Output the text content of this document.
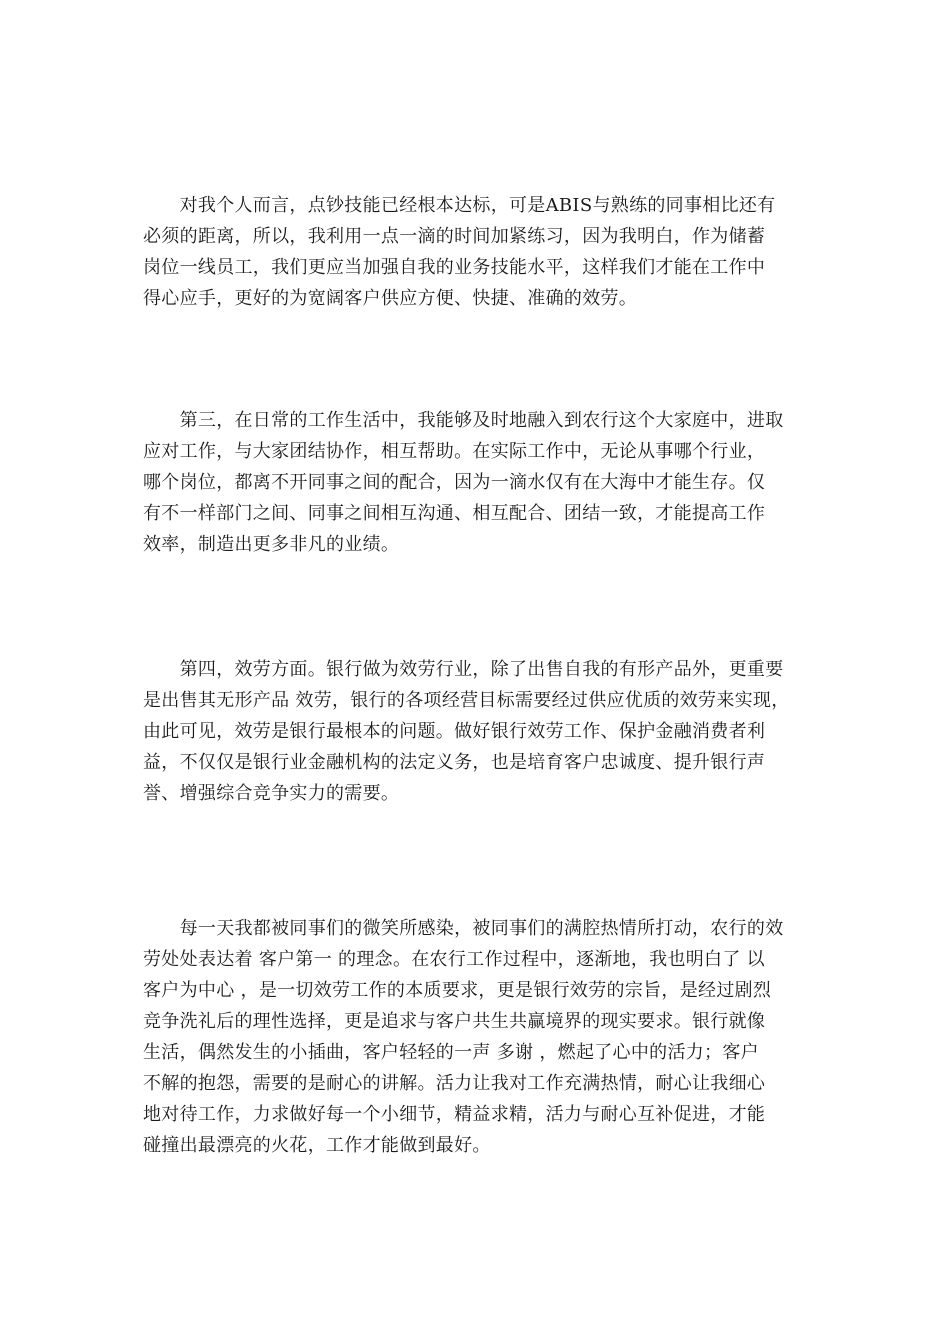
　　对我个人而言，点钞技能已经根本达标，可是ABIS与熟练的同事相比还有
必须的距离，所以，我利用一点一滴的时间加紧练习，因为我明白，作为储蓄
岗位一线员工，我们更应当加强自我的业务技能水平，这样我们才能在工作中
得心应手，更好的为宽阔客户供应方便、快捷、准确的效劳。
　　第三，在日常的工作生活中，我能够及时地融入到农行这个大家庭中，进取
应对工作，与大家团结协作，相互帮助。在实际工作中，无论从事哪个行业，
哪个岗位，都离不开同事之间的配合，因为一滴水仅有在大海中才能生存。仅
有不一样部门之间、同事之间相互沟通、相互配合、团结一致，才能提高工作
效率，制造出更多非凡的业绩。
　　第四，效劳方面。银行做为效劳行业，除了出售自我的有形产品外，更重要
是出售其无形产品 效劳，银行的各项经营目标需要经过供应优质的效劳来实现，
由此可见，效劳是银行最根本的问题。做好银行效劳工作、保护金融消费者利
益，不仅仅是银行业金融机构的法定义务，也是培育客户忠诚度、提升银行声
誉、增强综合竞争实力的需要。
　　每一天我都被同事们的微笑所感染，被同事们的满腔热情所打动，农行的效
劳处处表达着 客户第一 的理念。在农行工作过程中，逐渐地，我也明白了 以
客户为中心 ，是一切效劳工作的本质要求，更是银行效劳的宗旨，是经过剧烈
竞争洗礼后的理性选择，更是追求与客户共生共赢境界的现实要求。银行就像
生活，偶然发生的小插曲，客户轻轻的一声 多谢 ，燃起了心中的活力；客户
不解的抱怨，需要的是耐心的讲解。活力让我对工作充满热情，耐心让我细心
地对待工作，力求做好每一个小细节，精益求精，活力与耐心互补促进，才能
碰撞出最漂亮的火花，工作才能做到最好。
